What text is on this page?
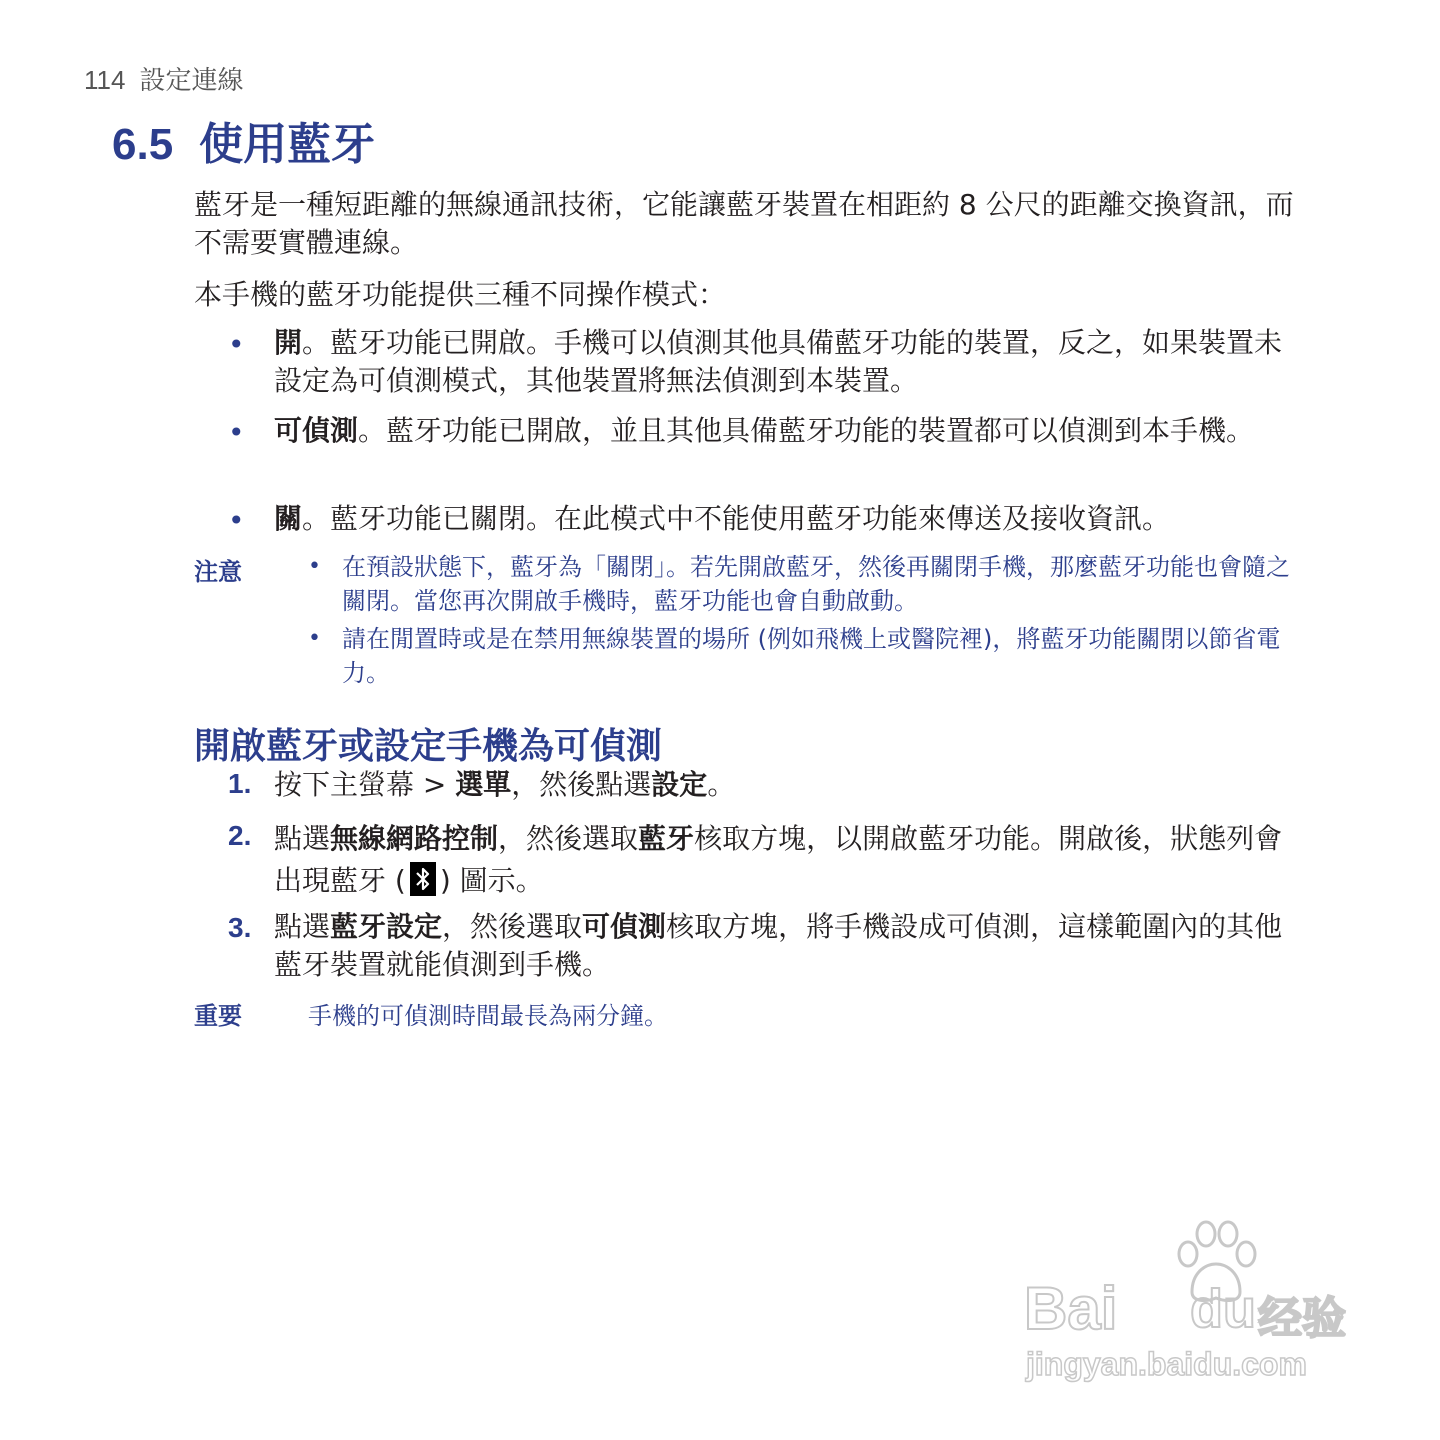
114 設定連線
6.5 使用藍牙
藍牙是一種短距離的無線通訊技術，它能讓藍牙裝置在相距約 8 公尺的距離交換資訊，而不需要實體連線。
本手機的藍牙功能提供三種不同操作模式：
• 開。藍牙功能已開啟。手機可以偵測其他具備藍牙功能的裝置，反之，如果裝置未設定為可偵測模式，其他裝置將無法偵測到本裝置。
• 可偵測。藍牙功能已開啟，並且其他具備藍牙功能的裝置都可以偵測到本手機。
• 關。藍牙功能已關閉。在此模式中不能使用藍牙功能來傳送及接收資訊。
注意	• 在預設狀態下，藍牙為「關閉」。若先開啟藍牙，然後再關閉手機，那麼藍牙功能也會隨之關閉。當您再次開啟手機時，藍牙功能也會自動啟動。
• 請在閒置時或是在禁用無線裝置的場所 (例如飛機上或醫院裡)，將藍牙功能關閉以節省電力。
開啟藍牙或設定手機為可偵測
1. 按下主螢幕 > 選單，然後點選設定。
2. 點選無線網路控制，然後選取藍牙核取方塊，以開啟藍牙功能。開啟後，狀態列會出現藍牙 ( ) 圖示。
3. 點選藍牙設定，然後選取可偵測核取方塊，將手機設成可偵測，這樣範圍內的其他藍牙裝置就能偵測到手機。
重要	手機的可偵測時間最長為兩分鐘。
Bai du 经验
jingyan.baidu.com
